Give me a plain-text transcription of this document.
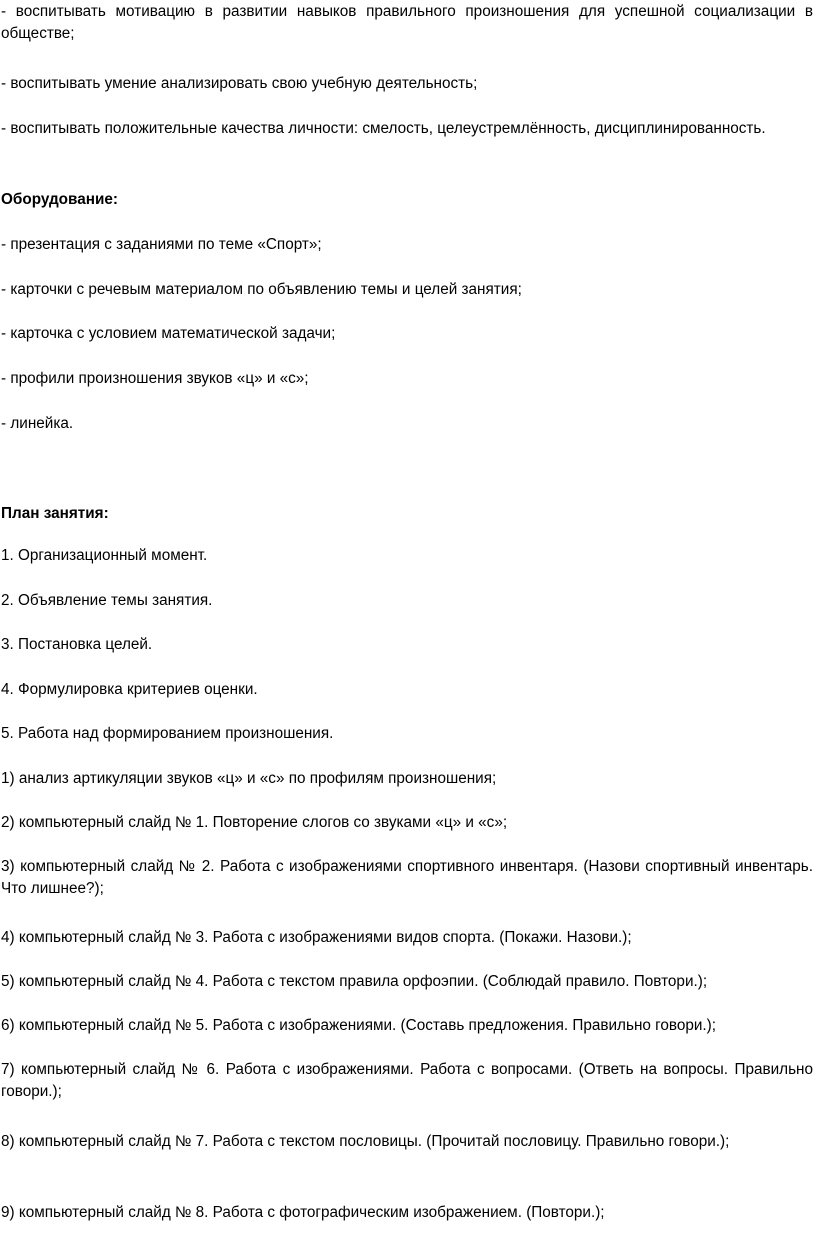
- воспитывать мотивацию в развитии навыков правильного произношения для успешной социализации в обществе;

- воспитывать умение анализировать свою учебную деятельность;

- воспитывать положительные качества личности: смелость, целеустремлённость, дисциплинированность.

Оборудование:

- презентация с заданиями по теме «Спорт»;

- карточки с речевым материалом по объявлению темы и целей занятия;

- карточка с условием математической задачи;

- профили произношения звуков «ц» и «с»;

- линейка.

План занятия:

1. Организационный момент.

2. Объявление темы занятия.

3. Постановка целей.

4. Формулировка критериев оценки.

5. Работа над формированием произношения.

1) анализ артикуляции звуков «ц» и «с» по профилям произношения;

2) компьютерный слайд № 1. Повторение слогов со звуками «ц» и «с»;

3) компьютерный слайд № 2. Работа с изображениями спортивного инвентаря. (Назови спортивный инвентарь. Что лишнее?);

4) компьютерный слайд № 3. Работа с изображениями видов спорта. (Покажи. Назови.);

5) компьютерный слайд № 4. Работа с текстом правила орфоэпии. (Соблюдай правило. Повтори.);

6) компьютерный слайд № 5. Работа с изображениями. (Составь предложения. Правильно говори.);

7) компьютерный слайд № 6. Работа с изображениями. Работа с вопросами. (Ответь на вопросы. Правильно говори.);

8) компьютерный слайд № 7. Работа с текстом пословицы. (Прочитай пословицу. Правильно говори.);

9) компьютерный слайд № 8. Работа с фотографическим изображением. (Повтори.);
